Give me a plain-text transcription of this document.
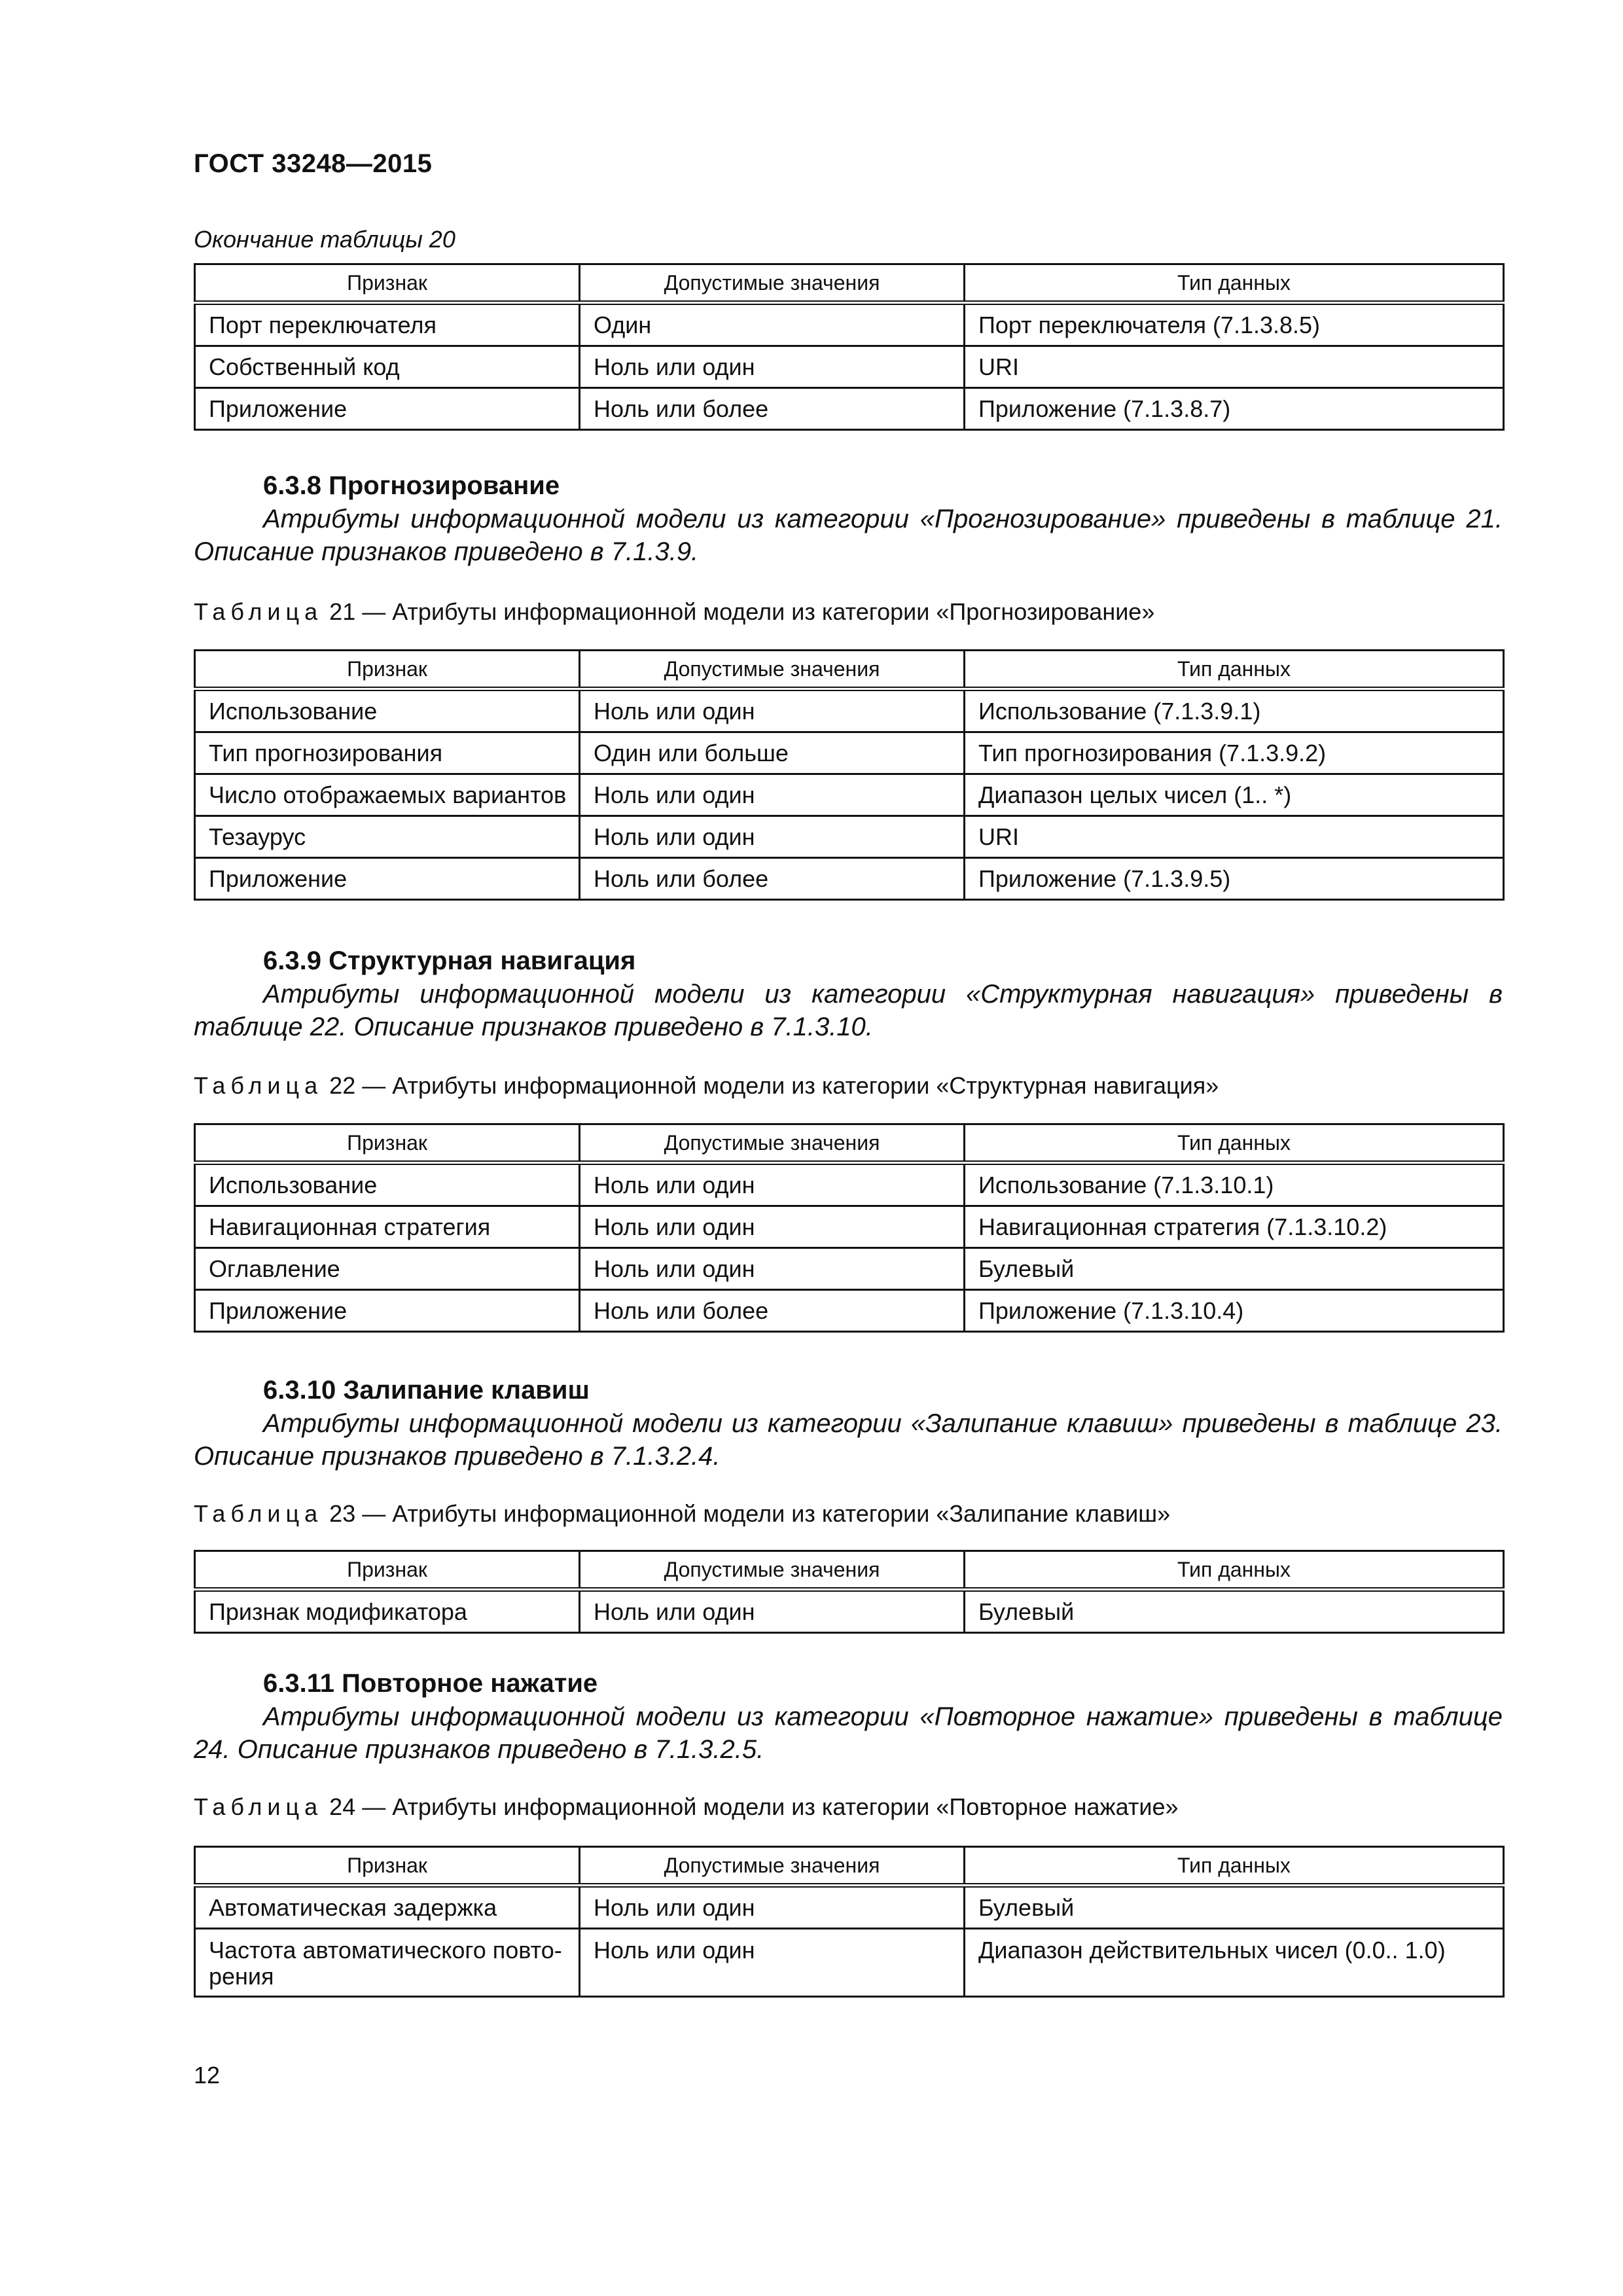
ГОСТ 33248—2015
Окончание таблицы 20
Признак	Допустимые значения	Тип данных
Порт переключателя	Один	Порт переключателя (7.1.3.8.5)
Собственный код	Ноль или один	URI
Приложение	Ноль или более	Приложение (7.1.3.8.7)
6.3.8 Прогнозирование
Атрибуты информационной модели из категории «Прогнозирование» приведены в таблице 21. Описание признаков приведено в 7.1.3.9.
Таблица 21 — Атрибуты информационной модели из категории «Прогнозирование»
Признак	Допустимые значения	Тип данных
Использование	Ноль или один	Использование (7.1.3.9.1)
Тип прогнозирования	Один или больше	Тип прогнозирования (7.1.3.9.2)
Число отображаемых вариантов	Ноль или один	Диапазон целых чисел (1.. *)
Тезаурус	Ноль или один	URI
Приложение	Ноль или более	Приложение (7.1.3.9.5)
6.3.9 Структурная навигация
Атрибуты информационной модели из категории «Структурная навигация» приведены в таблице 22. Описание признаков приведено в 7.1.3.10.
Таблица 22 — Атрибуты информационной модели из категории «Структурная навигация»
Признак	Допустимые значения	Тип данных
Использование	Ноль или один	Использование (7.1.3.10.1)
Навигационная стратегия	Ноль или один	Навигационная стратегия (7.1.3.10.2)
Оглавление	Ноль или один	Булевый
Приложение	Ноль или более	Приложение (7.1.3.10.4)
6.3.10 Залипание клавиш
Атрибуты информационной модели из категории «Залипание клавиш» приведены в таблице 23. Описание признаков приведено в 7.1.3.2.4.
Таблица 23 — Атрибуты информационной модели из категории «Залипание клавиш»
Признак	Допустимые значения	Тип данных
Признак модификатора	Ноль или один	Булевый
6.3.11 Повторное нажатие
Атрибуты информационной модели из категории «Повторное нажатие» приведены в таблице 24. Описание признаков приведено в 7.1.3.2.5.
Таблица 24 — Атрибуты информационной модели из категории «Повторное нажатие»
Признак	Допустимые значения	Тип данных
Автоматическая задержка	Ноль или один	Булевый
Частота автоматического повто-
рения	Ноль или один	Диапазон действительных чисел (0.0.. 1.0)
12
